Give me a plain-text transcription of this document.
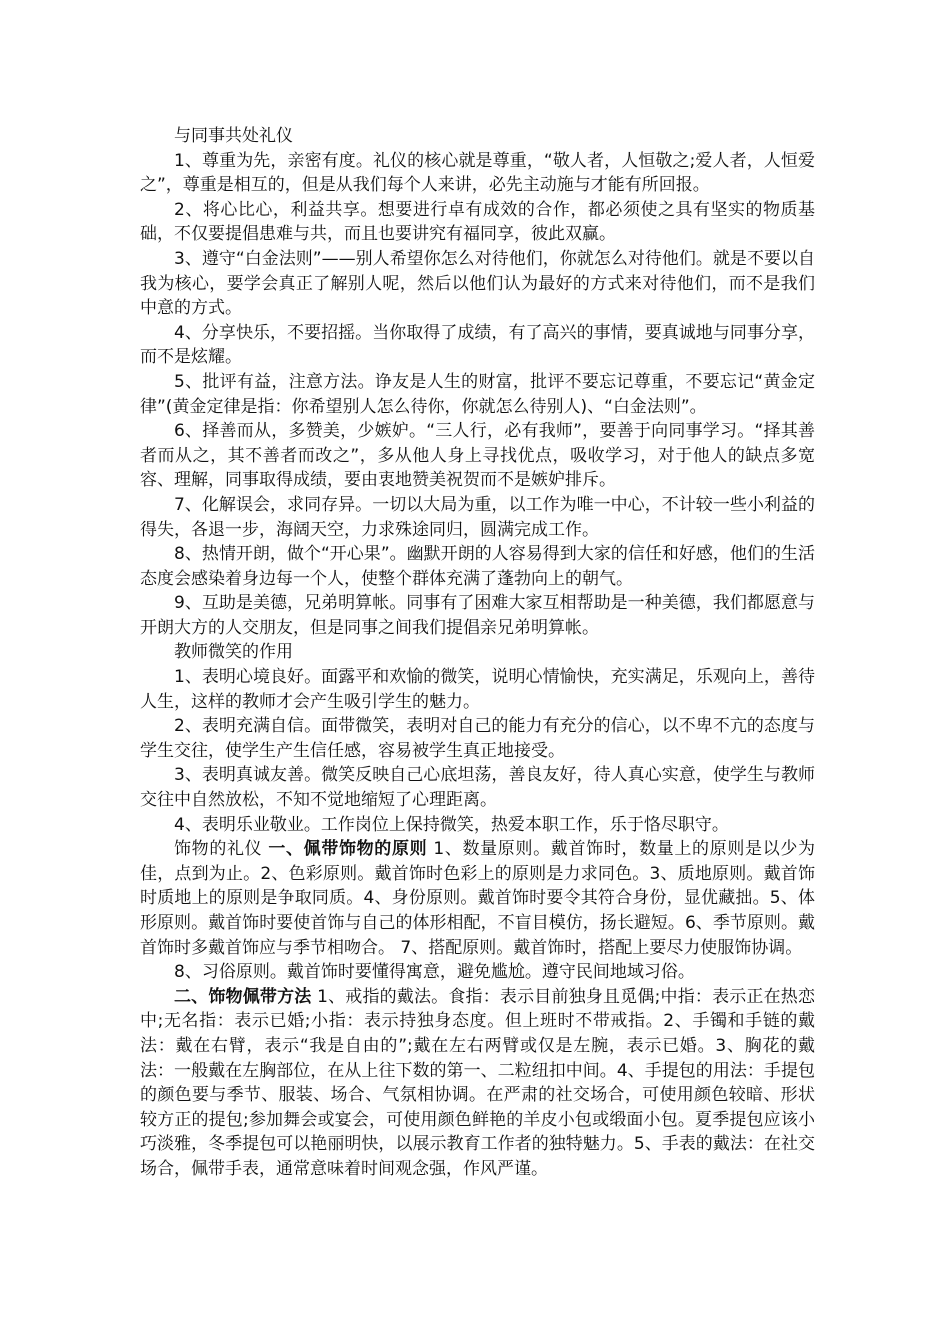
与同事共处礼仪

1、尊重为先，亲密有度。礼仪的核心就是尊重，“敬人者，人恒敬之;爱人者，人恒爱之”，尊重是相互的，但是从我们每个人来讲，必先主动施与才能有所回报。

2、将心比心，利益共享。想要进行卓有成效的合作，都必须使之具有坚实的物质基础，不仅要提倡患难与共，而且也要讲究有福同享，彼此双赢。

3、遵守“白金法则”——别人希望你怎么对待他们，你就怎么对待他们。就是不要以自我为核心，要学会真正了解别人呢，然后以他们认为最好的方式来对待他们，而不是我们中意的方式。

4、分享快乐，不要招摇。当你取得了成绩，有了高兴的事情，要真诚地与同事分享，而不是炫耀。

5、批评有益，注意方法。诤友是人生的财富，批评不要忘记尊重，不要忘记“黄金定律”(黄金定律是指：你希望别人怎么待你，你就怎么待别人)、“白金法则”。

6、择善而从，多赞美，少嫉妒。“三人行，必有我师”，要善于向同事学习。“择其善者而从之，其不善者而改之”，多从他人身上寻找优点，吸收学习，对于他人的缺点多宽容、理解，同事取得成绩，要由衷地赞美祝贺而不是嫉妒排斥。

7、化解误会，求同存异。一切以大局为重，以工作为唯一中心，不计较一些小利益的得失，各退一步，海阔天空，力求殊途同归，圆满完成工作。

8、热情开朗，做个“开心果”。幽默开朗的人容易得到大家的信任和好感，他们的生活态度会感染着身边每一个人，使整个群体充满了蓬勃向上的朝气。

9、互助是美德，兄弟明算帐。同事有了困难大家互相帮助是一种美德，我们都愿意与开朗大方的人交朋友，但是同事之间我们提倡亲兄弟明算帐。

教师微笑的作用

1、表明心境良好。面露平和欢愉的微笑，说明心情愉快，充实满足，乐观向上，善待人生，这样的教师才会产生吸引学生的魅力。

2、表明充满自信。面带微笑，表明对自己的能力有充分的信心，以不卑不亢的态度与学生交往，使学生产生信任感，容易被学生真正地接受。

3、表明真诚友善。微笑反映自己心底坦荡，善良友好，待人真心实意，使学生与教师交往中自然放松，不知不觉地缩短了心理距离。

4、表明乐业敬业。工作岗位上保持微笑，热爱本职工作，乐于恪尽职守。

饰物的礼仪 一、佩带饰物的原则 1、数量原则。戴首饰时，数量上的原则是以少为佳，点到为止。2、色彩原则。戴首饰时色彩上的原则是力求同色。3、质地原则。戴首饰时质地上的原则是争取同质。4、身份原则。戴首饰时要令其符合身份，显优藏拙。5、体形原则。戴首饰时要使首饰与自己的体形相配，不盲目模仿，扬长避短。6、季节原则。戴首饰时多戴首饰应与季节相吻合。 7、搭配原则。戴首饰时，搭配上要尽力使服饰协调。

8、习俗原则。戴首饰时要懂得寓意，避免尴尬。遵守民间地域习俗。

二、饰物佩带方法 1、戒指的戴法。食指：表示目前独身且觅偶;中指：表示正在热恋中;无名指：表示已婚;小指：表示持独身态度。但上班时不带戒指。2、手镯和手链的戴法：戴在右臂，表示“我是自由的”;戴在左右两臂或仅是左腕，表示已婚。3、胸花的戴法：一般戴在左胸部位，在从上往下数的第一、二粒纽扣中间。4、手提包的用法：手提包的颜色要与季节、服装、场合、气氛相协调。在严肃的社交场合，可使用颜色较暗、形状较方正的提包;参加舞会或宴会，可使用颜色鲜艳的羊皮小包或缎面小包。夏季提包应该小巧淡雅，冬季提包可以艳丽明快，以展示教育工作者的独特魅力。5、手表的戴法：在社交场合，佩带手表，通常意味着时间观念强，作风严谨。
